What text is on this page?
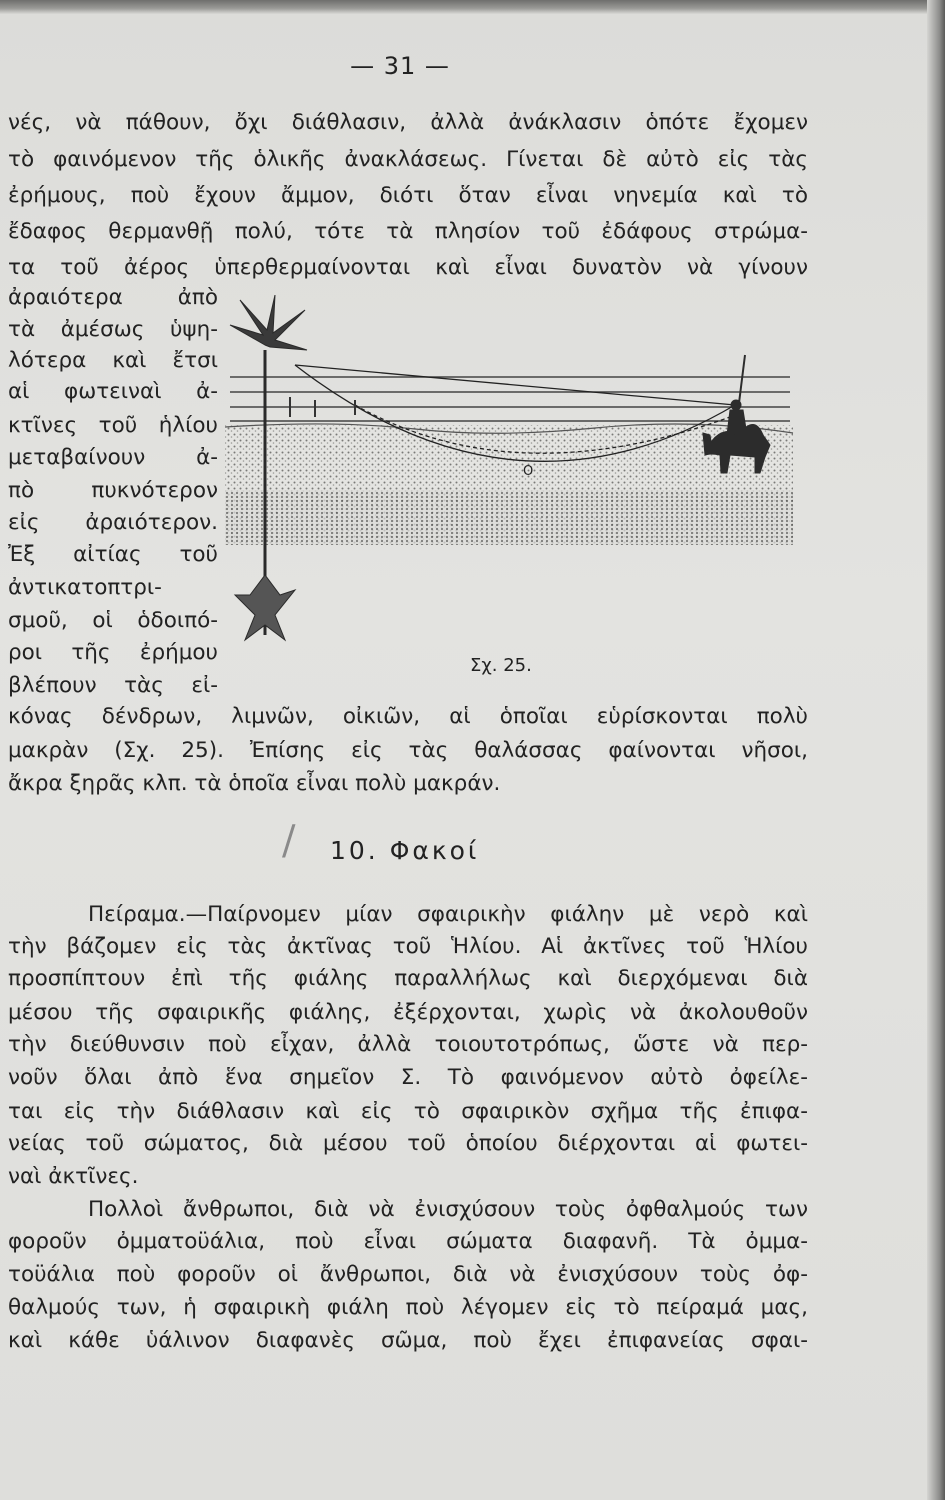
— 31 —
νές, νὰ πάθουν, ὄχι διάθλασιν, ἀλλὰ ἀνάκλασιν ὁπότε ἔχομεν
τὸ φαινόμενον τῆς ὁλικῆς ἀνακλάσεως. Γίνεται δὲ αὐτὸ εἰς τὰς
ἐρήμους, ποὺ ἔχουν ἄμμον, διότι ὅταν εἶναι νηνεμία καὶ τὸ
ἔδαφος θερμανθῇ πολύ, τότε τὰ πλησίον τοῦ ἐδάφους στρώμα-
τα τοῦ ἀέρος ὑπερθερμαίνονται καὶ εἶναι δυνατὸν νὰ γίνουν
ἀραιότερα ἀπὸ
τὰ ἀμέσως ὑψη-
λότερα καὶ ἔτσι
αἱ φωτειναὶ ἀ-
κτῖνες τοῦ ἡλίου
μεταβαίνουν ἀ-
πὸ πυκνότερον
εἰς ἀραιότερον.
Ἐξ αἰτίας τοῦ
ἀντικατοπτρι-
σμοῦ, οἱ ὁδοιπό-
ροι τῆς ἐρήμου
βλέπουν τὰς εἰ-
Ο
Σχ. 25.
κόνας δένδρων, λιμνῶν, οἰκιῶν, αἱ ὁποῖαι εὑρίσκονται πολὺ
μακρὰν (Σχ. 25). Ἐπίσης εἰς τὰς θαλάσσας φαίνονται νῆσοι,
ἄκρα ξηρᾶς κλπ. τὰ ὁποῖα εἶναι πολὺ μακράν.
/ 10. Φακοί
Πείραμα.—Παίρνομεν μίαν σφαιρικὴν φιάλην μὲ νερὸ καὶ
τὴν βάζομεν εἰς τὰς ἀκτῖνας τοῦ Ἡλίου. Αἱ ἀκτῖνες τοῦ Ἡλίου
προσπίπτουν ἐπὶ τῆς φιάλης παραλλήλως καὶ διερχόμεναι διὰ
μέσου τῆς σφαιρικῆς φιάλης, ἐξέρχονται, χωρὶς νὰ ἀκολουθοῦν
τὴν διεύθυνσιν ποὺ εἶχαν, ἀλλὰ τοιουτοτρόπως, ὥστε νὰ περ-
νοῦν ὅλαι ἀπὸ ἕνα σημεῖον Σ. Τὸ φαινόμενον αὐτὸ ὀφείλε-
ται εἰς τὴν διάθλασιν καὶ εἰς τὸ σφαιρικὸν σχῆμα τῆς ἐπιφα-
νείας τοῦ σώματος, διὰ μέσου τοῦ ὁποίου διέρχονται αἱ φωτει-
ναὶ ἀκτῖνες.
Πολλοὶ ἄνθρωποι, διὰ νὰ ἐνισχύσουν τοὺς ὀφθαλμούς των
φοροῦν ὀμματοϋάλια, ποὺ εἶναι σώματα διαφανῆ. Τὰ ὀμμα-
τοϋάλια ποὺ φοροῦν οἱ ἄνθρωποι, διὰ νὰ ἐνισχύσουν τοὺς ὀφ-
θαλμούς των, ἡ σφαιρικὴ φιάλη ποὺ λέγομεν εἰς τὸ πείραμά μας,
καὶ κάθε ὑάλινον διαφανὲς σῶμα, ποὺ ἔχει ἐπιφανείας σφαι-
